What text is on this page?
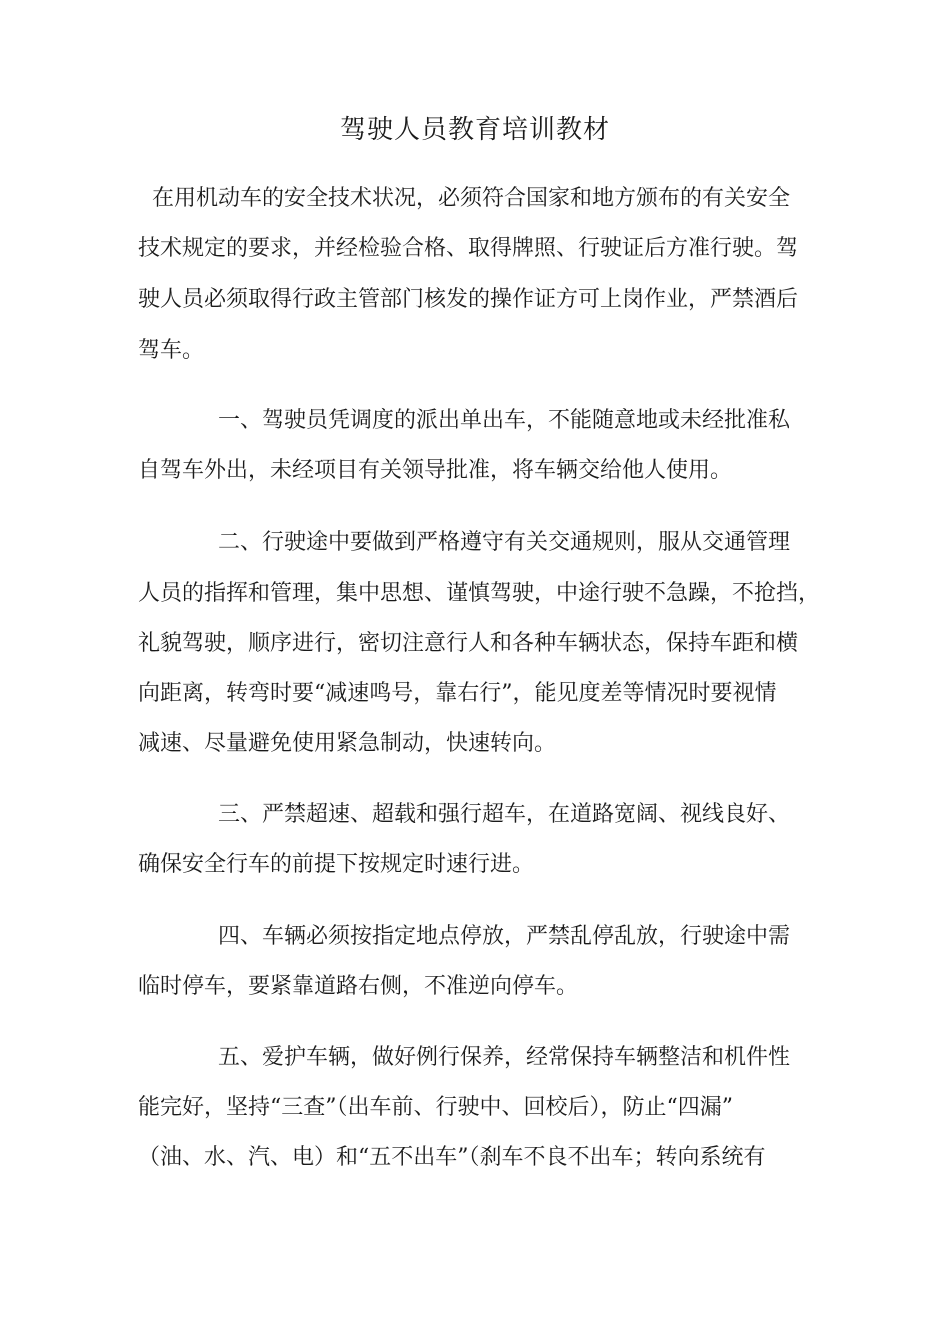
驾驶人员教育培训教材

在用机动车的安全技术状况，必须符合国家和地方颁布的有关安全

技术规定的要求，并经检验合格、取得牌照、行驶证后方准行驶。驾

驶人员必须取得行政主管部门核发的操作证方可上岗作业，严禁酒后

驾车。

一、驾驶员凭调度的派出单出车，不能随意地或未经批准私

自驾车外出，未经项目有关领导批准，将车辆交给他人使用。

二、行驶途中要做到严格遵守有关交通规则，服从交通管理

人员的指挥和管理，集中思想、谨慎驾驶，中途行驶不急躁，不抢挡，

礼貌驾驶，顺序进行，密切注意行人和各种车辆状态，保持车距和横

向距离，转弯时要“减速鸣号，靠右行”，能见度差等情况时要视情

减速、尽量避免使用紧急制动，快速转向。

三、严禁超速、超载和强行超车，在道路宽阔、视线良好、

确保安全行车的前提下按规定时速行进。

四、车辆必须按指定地点停放，严禁乱停乱放，行驶途中需

临时停车，要紧靠道路右侧，不准逆向停车。

五、爱护车辆，做好例行保养，经常保持车辆整洁和机件性

能完好，坚持“三查”（出车前、行驶中、回校后），防止“四漏”

（油、水、汽、电）和“五不出车”（刹车不良不出车；转向系统有
